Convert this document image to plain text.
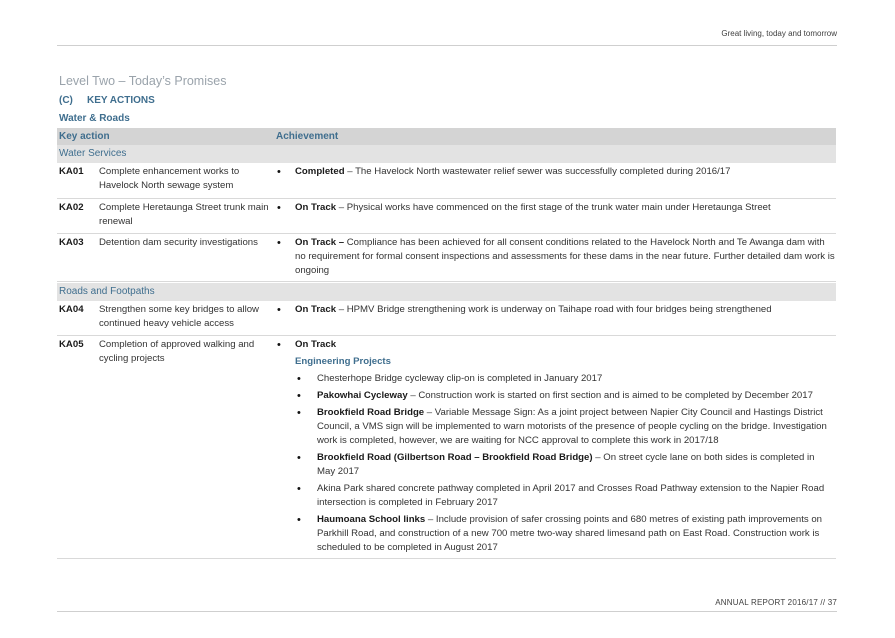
Great living, today and tomorrow
Level Two – Today’s Promises
(C) KEY ACTIONS
Water & Roads
Key action	Achievement
Water Services
KA01 Complete enhancement works to Havelock North sewage system
• Completed – The Havelock North wastewater relief sewer was successfully completed during 2016/17
KA02 Complete Heretaunga Street trunk main renewal
• On Track – Physical works have commenced on the first stage of the trunk water main under Heretaunga Street
KA03 Detention dam security investigations
•	On Track – Compliance has been achieved for all consent conditions related to the Havelock North and Te Awanga dam with no requirement for formal consent inspections and assessments for these dams in the near future. Further detailed dam work is ongoing
Roads and Footpaths
KA04 Strengthen some key bridges to allow continued heavy vehicle access
• On Track – HPMV Bridge strengthening work is underway on Taihape road with four bridges being strengthened
KA05 Completion of approved walking and cycling projects
• On Track
Engineering Projects
• Chesterhope Bridge cycleway clip-on is completed in January 2017
• Pakowhai Cycleway – Construction work is started on first section and is aimed to be completed by December 2017
• Brookfield Road Bridge – Variable Message Sign: As a joint project between Napier City Council and Hastings District Council, a VMS sign will be implemented to warn motorists of the presence of people cycling on the bridge. Investigation work is completed, however, we are waiting for NCC approval to complete this work in 2017/18
• Brookfield Road (Gilbertson Road – Brookfield Road Bridge) – On street cycle lane on both sides is completed in May 2017
• Akina Park shared concrete pathway completed in April 2017 and Crosses Road Pathway extension to the Napier Road intersection is completed in February 2017
• Haumoana School links – Include provision of safer crossing points and 680 metres of existing path improvements on Parkhill Road, and construction of a new 700 metre two-way shared limesand path on East Road. Construction work is scheduled to be completed in August 2017
ANNUAL REPORT 2016/17 // 37
